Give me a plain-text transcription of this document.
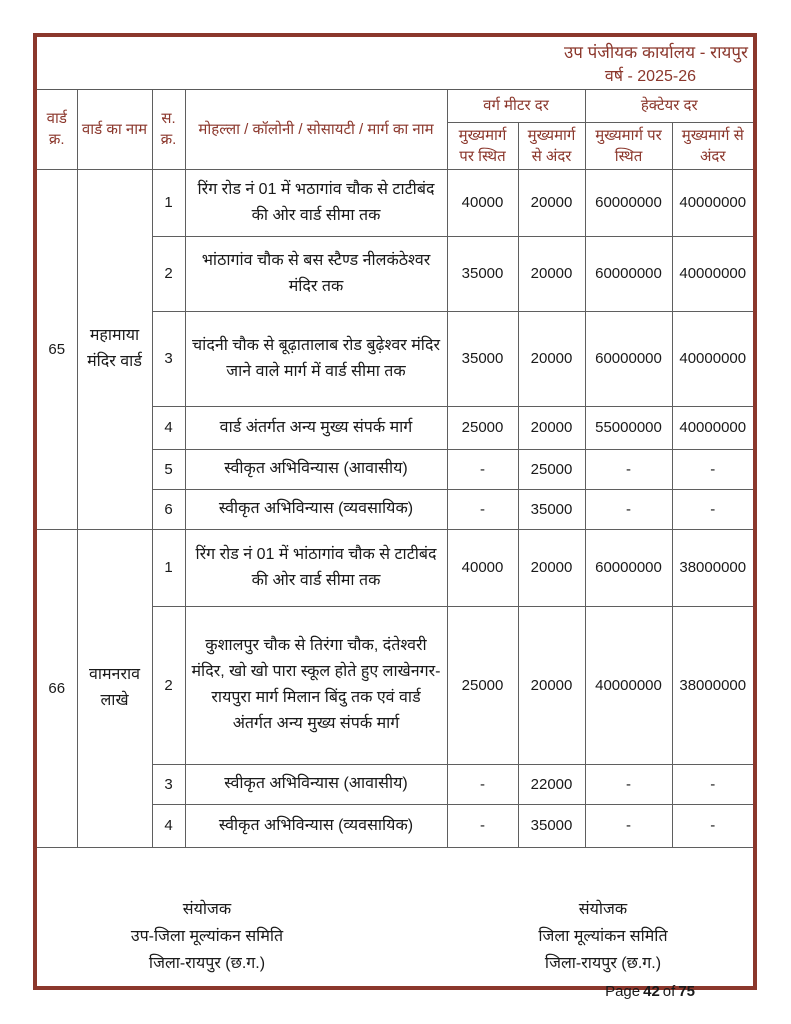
उप पंजीयक कार्यालय - रायपुर
वर्ष - 2025-26
वार्ड क्र.	वार्ड का नाम	स. क्र.	मोहल्ला / कॉलोनी / सोसायटी / मार्ग का नाम	वर्ग मीटर दर		हेक्टेयर दर	
				मुख्यमार्ग पर स्थित	मुख्यमार्ग से अंदर	मुख्यमार्ग पर स्थित	मुख्यमार्ग से अंदर
65	महामाया मंदिर वार्ड	1	रिंग रोड नं 01 में भठागांव चौक से टाटीबंद की ओर वार्ड सीमा तक	40000	20000	60000000	40000000
		2	भांठागांव चौक से बस स्टैण्ड नीलकंठेश्वर मंदिर तक	35000	20000	60000000	40000000
		3	चांदनी चौक से बूढ़ातालाब रोड बुढ़ेश्वर मंदिर जाने वाले मार्ग में वार्ड सीमा तक	35000	20000	60000000	40000000
		4	वार्ड अंतर्गत अन्य मुख्य संपर्क मार्ग	25000	20000	55000000	40000000
		5	स्वीकृत अभिविन्यास (आवासीय)	-	25000	-	-
		6	स्वीकृत अभिविन्यास (व्यवसायिक)	-	35000	-	-
66	वामनराव लाखे	1	रिंग रोड नं 01 में भांठागांव चौक से टाटीबंद की ओर वार्ड सीमा तक	40000	20000	60000000	38000000
		2	कुशालपुर चौक से तिरंगा चौक, दंतेश्वरी मंदिर, खो खो पारा स्कूल होते हुए लाखेनगर-रायपुरा मार्ग मिलान बिंदु तक एवं वार्ड अंतर्गत अन्य मुख्य संपर्क मार्ग	25000	20000	40000000	38000000
		3	स्वीकृत अभिविन्यास (आवासीय)	-	22000	-	-
		4	स्वीकृत अभिविन्यास (व्यवसायिक)	-	35000	-	-
संयोजक
उप-जिला मूल्यांकन समिति
जिला-रायपुर (छ.ग.)
संयोजक
जिला मूल्यांकन समिति
जिला-रायपुर (छ.ग.)
Page 42 of 75
